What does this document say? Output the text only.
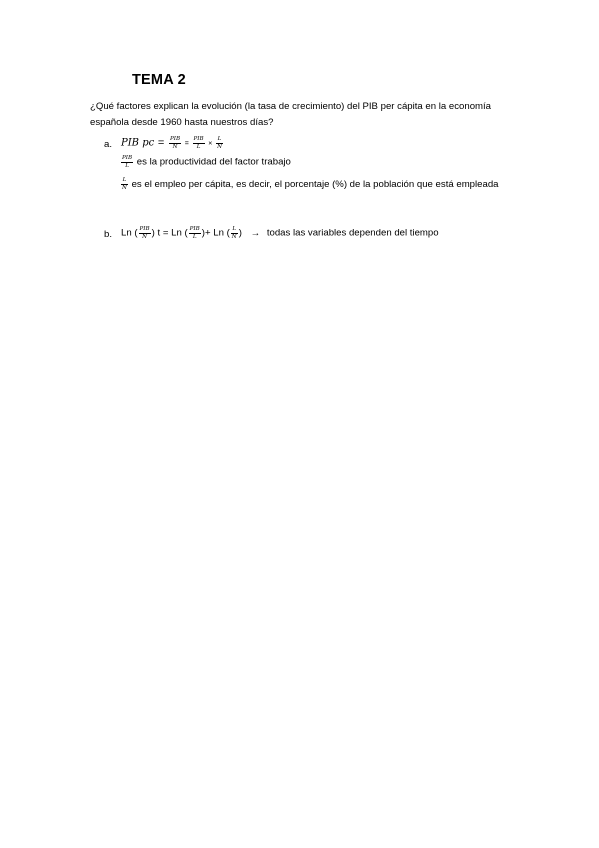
TEMA 2
¿Qué factores explican la evolución (la tasa de crecimiento) del PIB per cápita en la economía española desde 1960 hasta nuestros días?
a. PIB pc = $\frac{\text{PIB}}{N} = \frac{\text{PIB}}{L} \times \frac{L}{N}$
$\frac{\text{PIB}}{L}$ es la productividad del factor trabajo
$\frac{L}{N}$ es el empleo per cápita, es decir, el porcentaje (%) de la población que está empleada
b. Ln ( $\frac{\text{PIB}}{N}$ ) t = Ln ( $\frac{\text{PIB}}{L}$ )+ Ln ( $\frac{L}{N}$ ) → todas las variables dependen del tiempo
